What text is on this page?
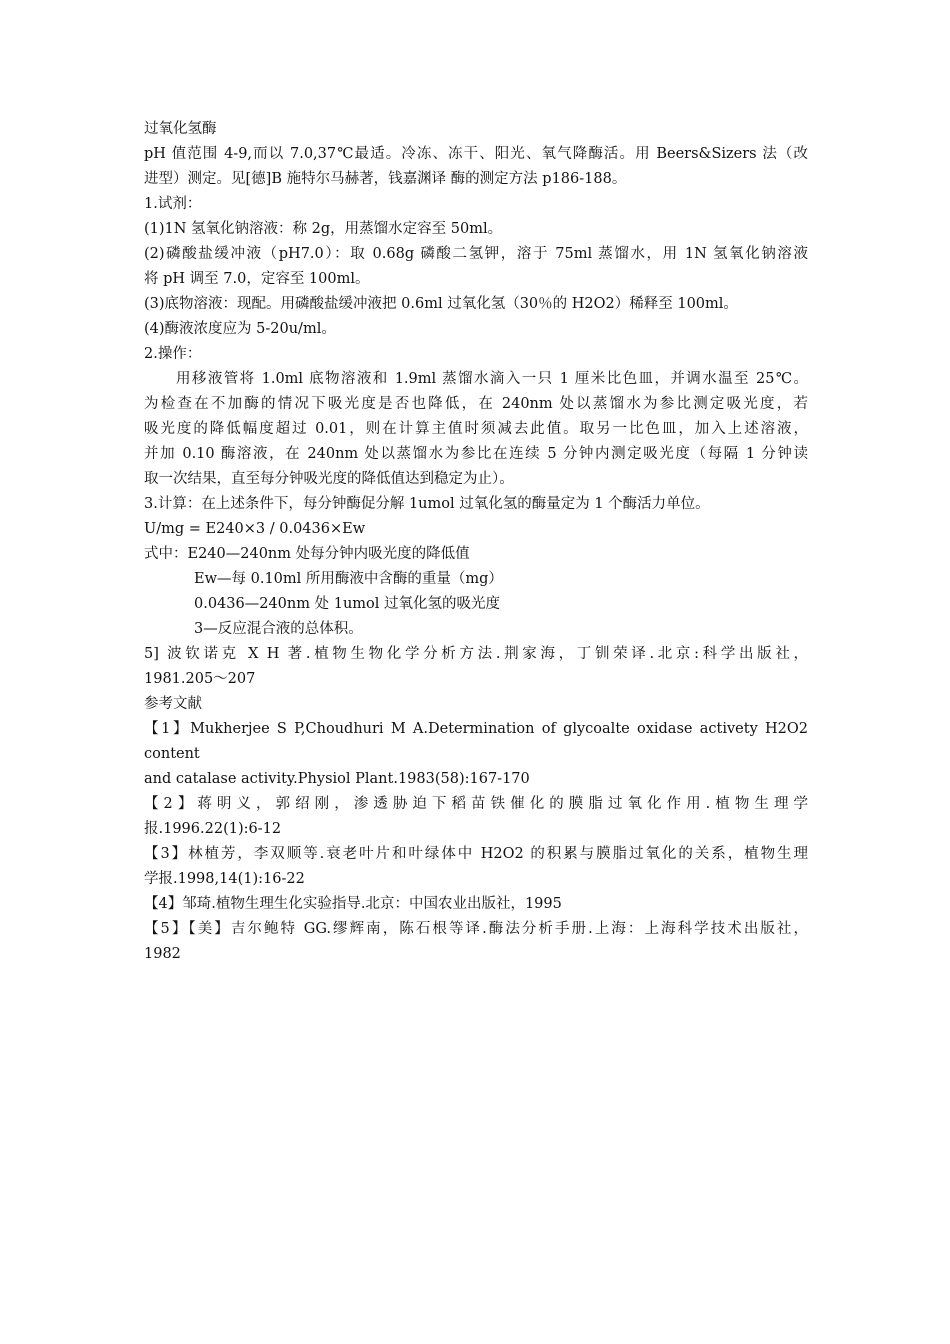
过氧化氢酶
pH 值范围 4-9,而以 7.0,37℃最适。冷冻、冻干、阳光、氧气降酶活。用 Beers&Sizers 法（改
进型）测定。见[德]B 施特尔马赫著，钱嘉渊译 酶的测定方法 p186-188。
1.试剂：
(1)1N 氢氧化钠溶液：称 2g，用蒸馏水定容至 50ml。
(2)磷酸盐缓冲液（pH7.0）：取 0.68g 磷酸二氢钾，溶于 75ml 蒸馏水，用 1N 氢氧化钠溶液
将 pH 调至 7.0，定容至 100ml。
(3)底物溶液：现配。用磷酸盐缓冲液把 0.6ml 过氧化氢（30％的 H2O2）稀释至 100ml。
(4)酶液浓度应为 5-20u/ml。
2.操作：
用移液管将 1.0ml 底物溶液和 1.9ml 蒸馏水滴入一只 1 厘米比色皿，并调水温至 25℃。
为检查在不加酶的情况下吸光度是否也降低，在 240nm 处以蒸馏水为参比测定吸光度，若
吸光度的降低幅度超过 0.01，则在计算主值时须减去此值。取另一比色皿，加入上述溶液，
并加 0.10 酶溶液，在 240nm 处以蒸馏水为参比在连续 5 分钟内测定吸光度（每隔 1 分钟读
取一次结果，直至每分钟吸光度的降低值达到稳定为止）。
3.计算：在上述条件下，每分钟酶促分解 1umol 过氧化氢的酶量定为 1 个酶活力单位。
U/mg = E240×3 / 0.0436×Ew
式中：E240—240nm 处每分钟内吸光度的降低值
Ew—每 0.10ml 所用酶液中含酶的重量（mg）
0.0436—240nm 处 1umol 过氧化氢的吸光度
3—反应混合液的总体积。
5] 波钦诺克 X H 著.植物生物化学分析方法.荆家海，丁钏荣译.北京:科学出版社，
1981.205～207
参考文献
【1】Mukherjee S P,Choudhuri M A.Determination of glycoalte oxidase activety H2O2 content
and catalase activity.Physiol Plant.1983(58):167-170
【2】蒋明义，郭绍刚，渗透胁迫下稻苗铁催化的膜脂过氧化作用.植物生理学
报.1996.22(1):6-12
【3】林植芳，李双顺等.衰老叶片和叶绿体中 H2O2 的积累与膜脂过氧化的关系，植物生理
学报.1998,14(1):16-22
【4】邹琦.植物生理生化实验指导.北京：中国农业出版社，1995
【5】【美】吉尔鲍特 GG.缪辉南，陈石根等译.酶法分析手册.上海：上海科学技术出版社，
1982
